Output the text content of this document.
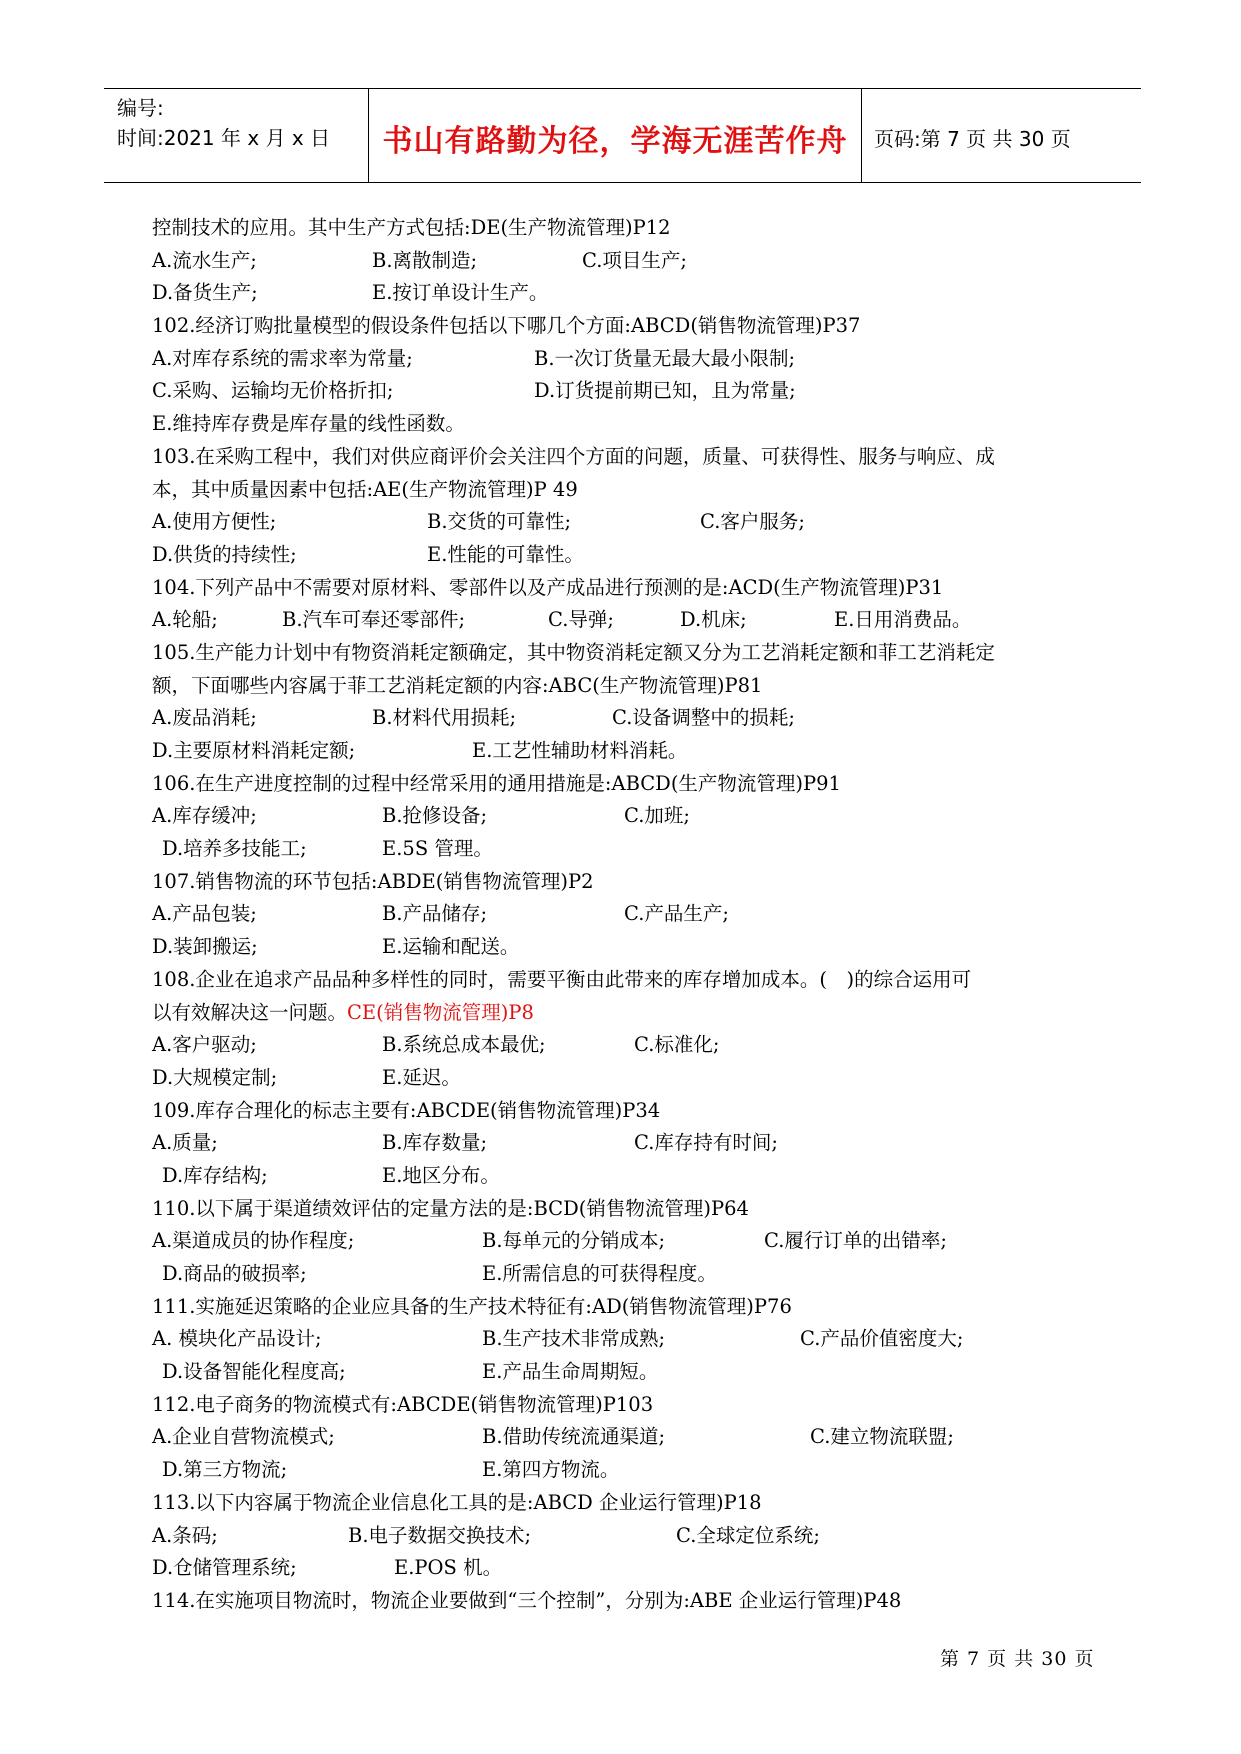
编号:
时间:2021 年 x 月 x 日	书山有路勤为径，学海无涯苦作舟	页码:第 7 页 共 30 页
控制技术的应用。其中生产方式包括:DE(生产物流管理)P12
A.流水生产;	B.离散制造;	C.项目生产;
D.备货生产;	E.按订单设计生产。
102.经济订购批量模型的假设条件包括以下哪几个方面:ABCD(销售物流管理)P37
A.对库存系统的需求率为常量;	B.一次订货量无最大最小限制;
C.采购、运输均无价格折扣;	D.订货提前期已知，且为常量;
E.维持库存费是库存量的线性函数。
103.在采购工程中，我们对供应商评价会关注四个方面的问题，质量、可获得性、服务与响应、成
本，其中质量因素中包括:AE(生产物流管理)P 49
A.使用方便性;	B.交货的可靠性;	C.客户服务;
D.供货的持续性;	E.性能的可靠性。
104.下列产品中不需要对原材料、零部件以及产成品进行预测的是:ACD(生产物流管理)P31
A.轮船;	B.汽车可奉还零部件;	C.导弹;	D.机床;	E.日用消费品。
105.生产能力计划中有物资消耗定额确定，其中物资消耗定额又分为工艺消耗定额和菲工艺消耗定
额，下面哪些内容属于菲工艺消耗定额的内容:ABC(生产物流管理)P81
A.废品消耗;	B.材料代用损耗;	C.设备调整中的损耗;
D.主要原材料消耗定额;	E.工艺性辅助材料消耗。
106.在生产进度控制的过程中经常采用的通用措施是:ABCD(生产物流管理)P91
A.库存缓冲;	B.抢修设备;	C.加班;
D.培养多技能工;	E.5S 管理。
107.销售物流的环节包括:ABDE(销售物流管理)P2
A.产品包装;	B.产品储存;	C.产品生产;
D.装卸搬运;	E.运输和配送。
108.企业在追求产品品种多样性的同时，需要平衡由此带来的库存增加成本。(　)的综合运用可
以有效解决这一问题。CE(销售物流管理)P8
A.客户驱动;	B.系统总成本最优;	C.标准化;
D.大规模定制;	E.延迟。
109.库存合理化的标志主要有:ABCDE(销售物流管理)P34
A.质量;	B.库存数量;	C.库存持有时间;
D.库存结构;	E.地区分布。
110.以下属于渠道绩效评估的定量方法的是:BCD(销售物流管理)P64
A.渠道成员的协作程度;	B.每单元的分销成本;	C.履行订单的出错率;
D.商品的破损率;	E.所需信息的可获得程度。
111.实施延迟策略的企业应具备的生产技术特征有:AD(销售物流管理)P76
A. 模块化产品设计;	B.生产技术非常成熟;	C.产品价值密度大;
D.设备智能化程度高;	E.产品生命周期短。
112.电子商务的物流模式有:ABCDE(销售物流管理)P103
A.企业自营物流模式;	B.借助传统流通渠道;	C.建立物流联盟;
D.第三方物流;	E.第四方物流。
113.以下内容属于物流企业信息化工具的是:ABCD 企业运行管理)P18
A.条码;	B.电子数据交换技术;	C.全球定位系统;
D.仓储管理系统;	E.POS 机。
114.在实施项目物流时，物流企业要做到“三个控制”，分别为:ABE 企业运行管理)P48
第 7 页 共 30 页
